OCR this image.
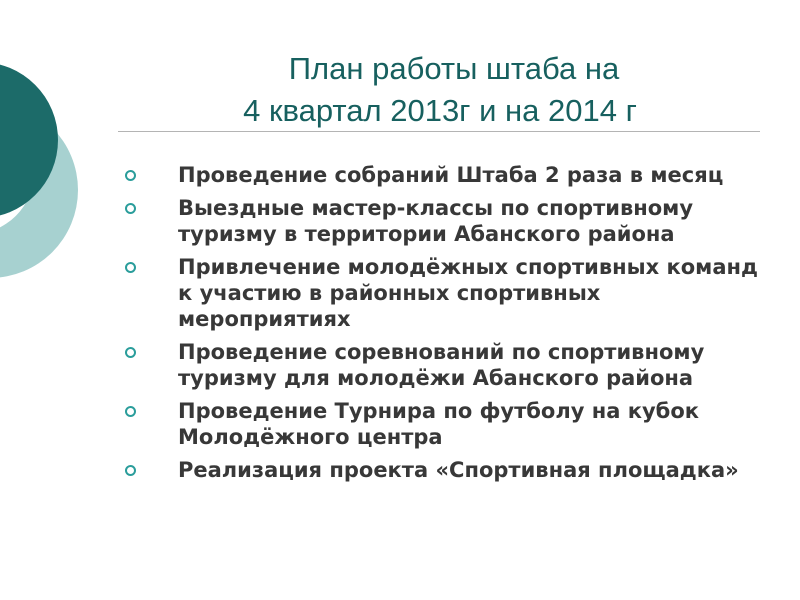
План работы штаба на
4 квартал 2013г и на 2014 г
Проведение собраний Штаба 2 раза в месяц
Выездные мастер-классы по спортивному туризму в территории Абанского района
Привлечение молодёжных спортивных команд к участию в районных спортивных мероприятиях
Проведение соревнований по спортивному туризму для молодёжи Абанского района
Проведение Турнира по футболу на кубок Молодёжного центра
Реализация проекта «Спортивная площадка»
